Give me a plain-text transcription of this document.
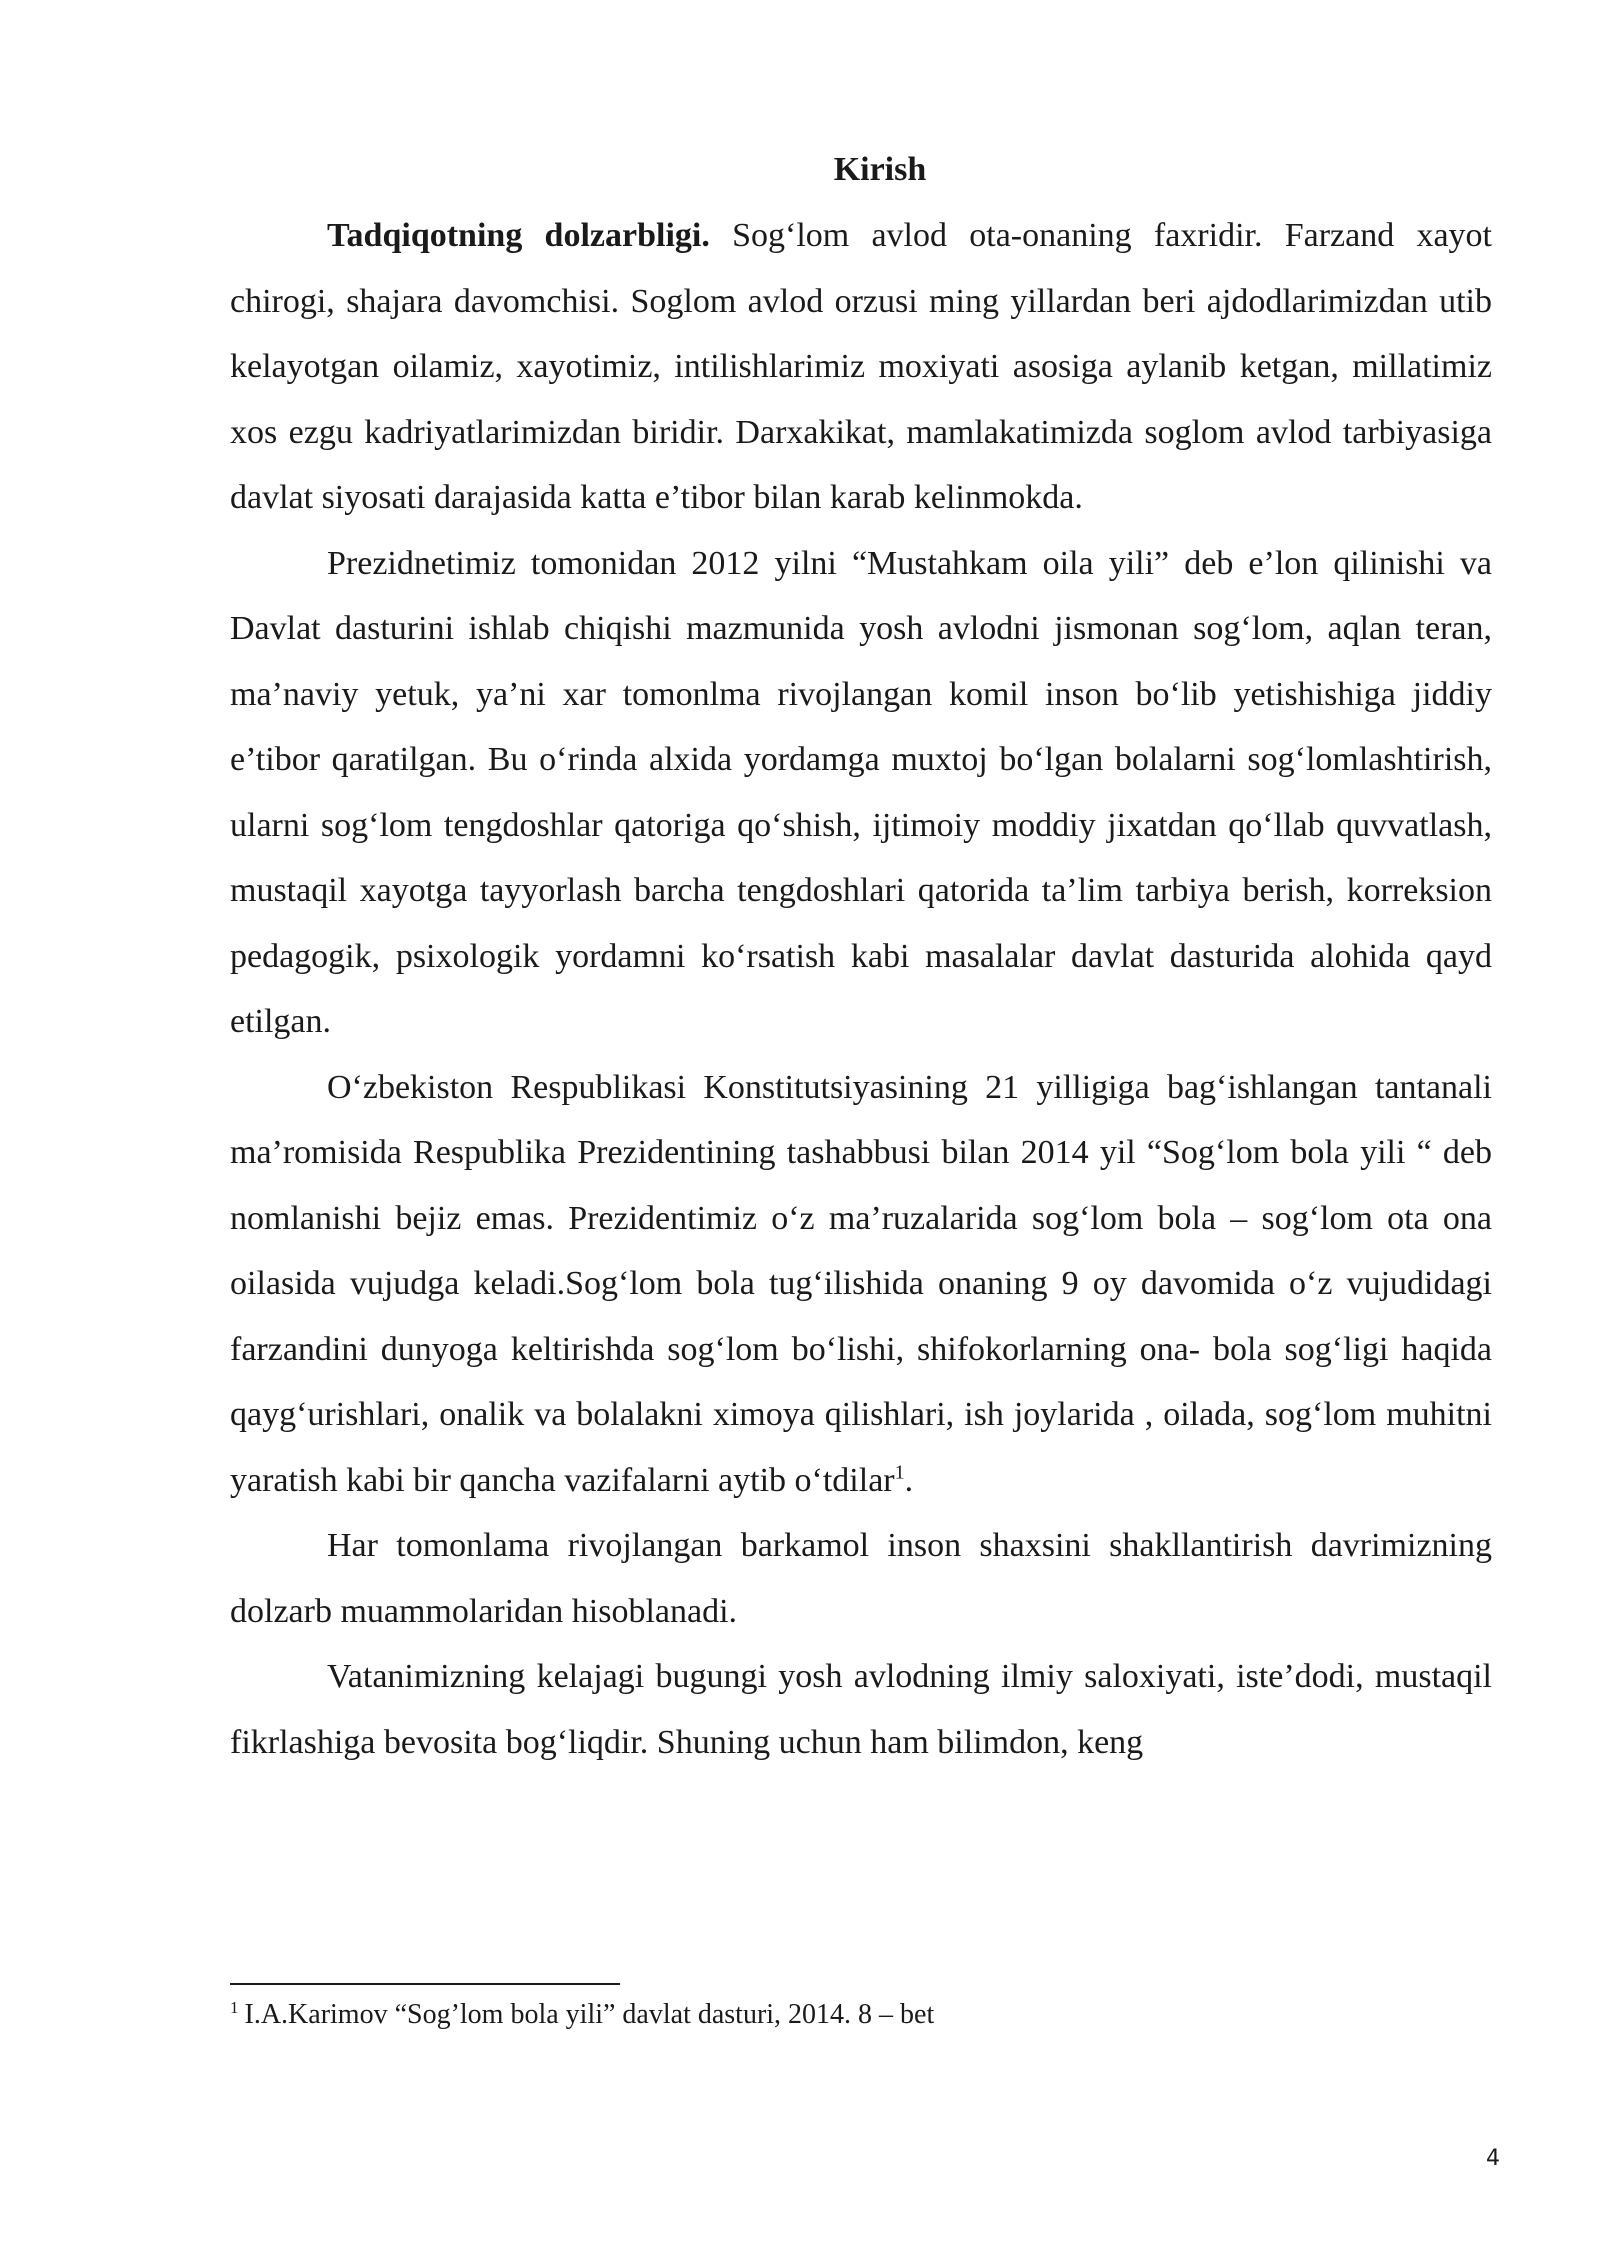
Kirish

Tadqiqotning dolzarbligi. Sog‘lom avlod ota-onaning faxridir. Farzand xayot chirogi, shajara davomchisi. Soglom avlod orzusi ming yillardan beri ajdodlarimizdan utib kelayotgan oilamiz, xayotimiz, intilishlarimiz moxiyati asosiga aylanib ketgan, millatimiz xos ezgu kadriyatlarimizdan biridir. Darxakikat, mamlakatimizda soglom avlod tarbiyasiga davlat siyosati darajasida katta e’tibor bilan karab kelinmokda.

Prezidnetimiz tomonidan 2012 yilni “Mustahkam oila yili” deb e’lon qilinishi va Davlat dasturini ishlab chiqishi mazmunida yosh avlodni jismonan sog‘lom, aqlan teran, ma’naviy yetuk, ya’ni xar tomonlma rivojlangan komil inson bo‘lib yetishishiga jiddiy e’tibor qaratilgan. Bu o‘rinda alxida yordamga muxtoj bo‘lgan bolalarni sog‘lomlashtirish, ularni sog‘lom tengdoshlar qatoriga qo‘shish, ijtimoiy moddiy jixatdan qo‘llab quvvatlash, mustaqil xayotga tayyorlash barcha tengdoshlari qatorida ta’lim tarbiya berish, korreksion pedagogik, psixologik yordamni ko‘rsatish kabi masalalar davlat dasturida alohida qayd etilgan.

O‘zbekiston Respublikasi Konstitutsiyasining 21 yilligiga bag‘ishlangan tantanali ma’romisida Respublika Prezidentining tashabbusi bilan 2014 yil “Sog‘lom bola yili “ deb nomlanishi bejiz emas. Prezidentimiz o‘z ma’ruzalarida sog‘lom bola – sog‘lom ota ona oilasida vujudga keladi.Sog‘lom bola tug‘ilishida onaning 9 oy davomida o‘z vujudidagi farzandini dunyoga keltirishda sog‘lom bo‘lishi, shifokorlarning ona- bola sog‘ligi haqida qayg‘urishlari, onalik va bolalakni ximoya qilishlari, ish joylarida , oilada, sog‘lom muhitni yaratish kabi bir qancha vazifalarni aytib o‘tdilar$^1$.

Har tomonlama rivojlangan barkamol inson shaxsini shakllantirish davrimizning dolzarb muammolaridan hisoblanadi.

Vatanimizning kelajagi bugungi yosh avlodning ilmiy saloxiyati, iste’dodi, mustaqil fikrlashiga bevosita bog‘liqdir. Shuning uchun ham bilimdon, keng

$^1$ I.A.Karimov “Sog’lom bola yili” davlat dasturi, 2014. 8 – bet
4
